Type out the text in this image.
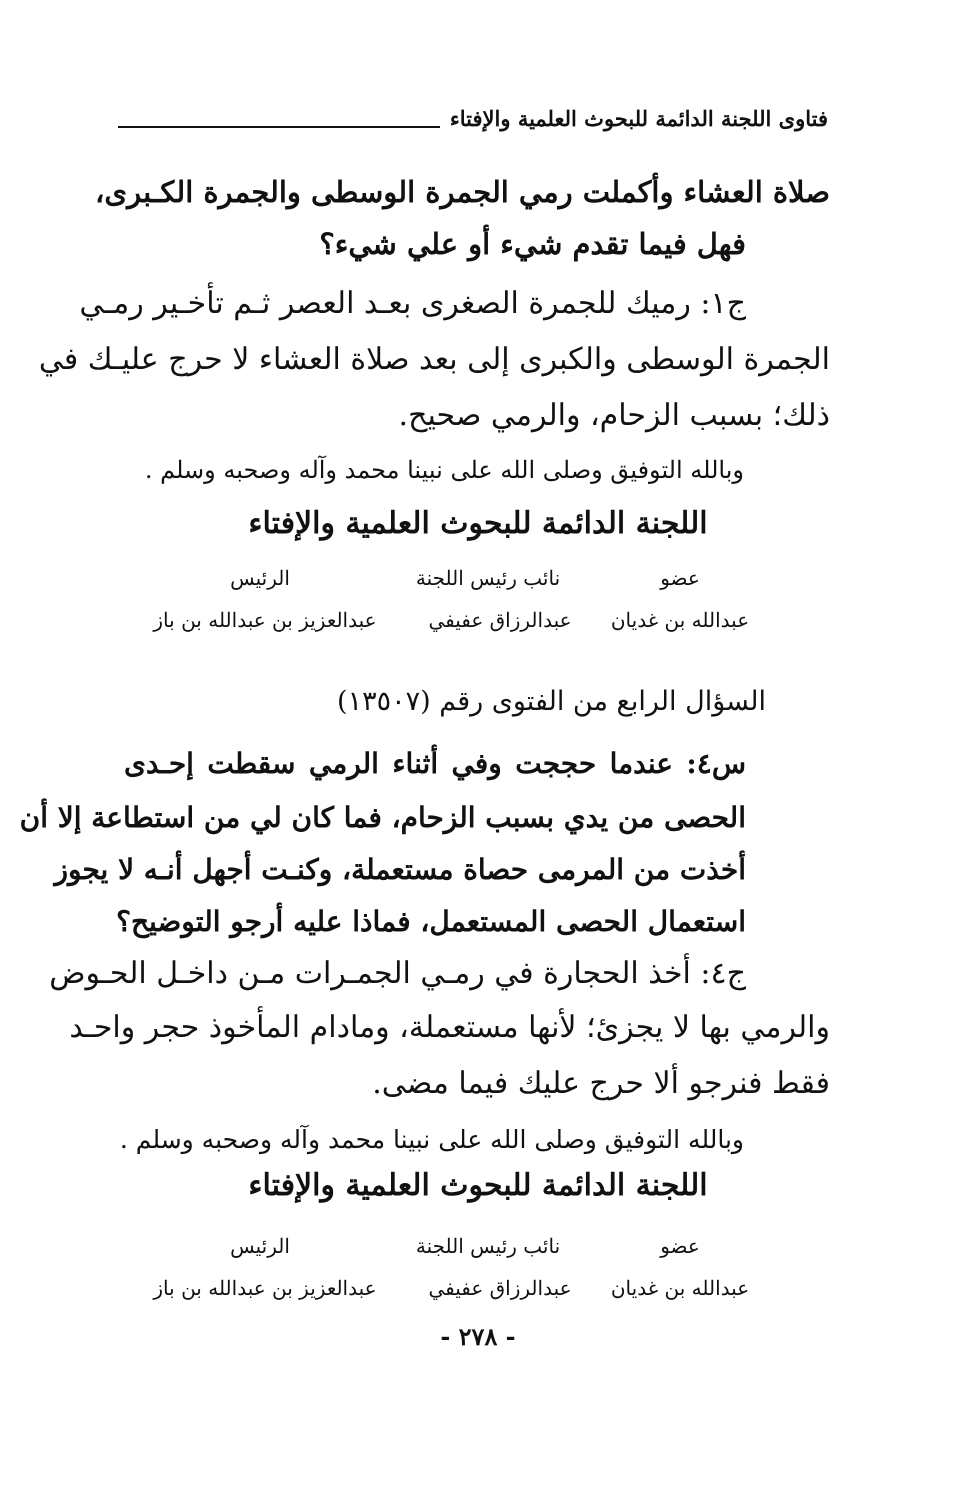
فتاوى اللجنة الدائمة للبحوث العلمية والإفتاء
صلاة العشاء وأكملت رمي الجمرة الوسطى والجمرة الكـبرى،
فهل فيما تقدم شيء أو علي شيء؟
ج١: رميك للجمرة الصغرى بعـد العصر ثـم تأخـير رمـي
الجمرة الوسطى والكبرى إلى بعد صلاة العشاء لا حرج عليـك في
ذلك؛ بسبب الزحام، والرمي صحيح.
وبالله التوفيق وصلى الله على نبينا محمد وآله وصحبه وسلم .
اللجنة الدائمة للبحوث العلمية والإفتاء
عضو
نائب رئيس اللجنة
الرئيس
عبدالله بن غديان
عبدالرزاق عفيفي
عبدالعزيز بن عبدالله بن باز
السؤال الرابع من الفتوى رقم (١٣٥٠٧)
س٤: عندما حججت وفي أثناء الرمي سقطت إحـدى
الحصى من يدي بسبب الزحام، فما كان لي من استطاعة إلا أن
أخذت من المرمى حصاة مستعملة، وكنـت أجهل أنـه لا يجوز
استعمال الحصى المستعمل، فماذا عليه أرجو التوضيح؟
ج٤: أخذ الحجارة في رمـي الجمـرات مـن داخـل الحـوض
والرمي بها لا يجزئ؛ لأنها مستعملة، ومادام المأخوذ حجر واحـد
فقط فنرجو ألا حرج عليك فيما مضى.
وبالله التوفيق وصلى الله على نبينا محمد وآله وصحبه وسلم .
اللجنة الدائمة للبحوث العلمية والإفتاء
عضو
نائب رئيس اللجنة
الرئيس
عبدالله بن غديان
عبدالرزاق عفيفي
عبدالعزيز بن عبدالله بن باز
- ٢٧٨ -
